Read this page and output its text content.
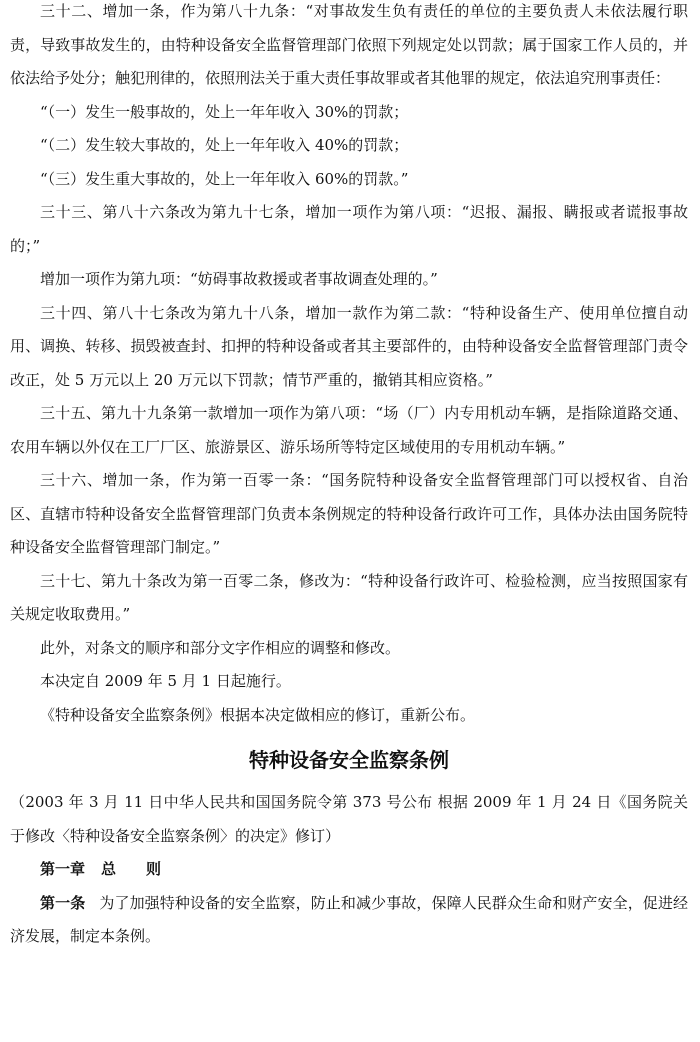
三十二、增加一条，作为第八十九条：“对事故发生负有责任的单位的主要负责人未依法履行职责，导致事故发生的，由特种设备安全监督管理部门依照下列规定处以罚款；属于国家工作人员的，并依法给予处分；触犯刑律的，依照刑法关于重大责任事故罪或者其他罪的规定，依法追究刑事责任：

“（一）发生一般事故的，处上一年年收入 30%的罚款；

“（二）发生较大事故的，处上一年年收入 40%的罚款；

“（三）发生重大事故的，处上一年年收入 60%的罚款。”

三十三、第八十六条改为第九十七条，增加一项作为第八项：“迟报、漏报、瞒报或者谎报事故的；”

增加一项作为第九项：“妨碍事故救援或者事故调查处理的。”

三十四、第八十七条改为第九十八条，增加一款作为第二款：“特种设备生产、使用单位擅自动用、调换、转移、损毁被查封、扣押的特种设备或者其主要部件的，由特种设备安全监督管理部门责令改正，处 5 万元以上 20 万元以下罚款；情节严重的，撤销其相应资格。”

三十五、第九十九条第一款增加一项作为第八项：“场（厂）内专用机动车辆，是指除道路交通、农用车辆以外仅在工厂厂区、旅游景区、游乐场所等特定区域使用的专用机动车辆。”

三十六、增加一条，作为第一百零一条：“国务院特种设备安全监督管理部门可以授权省、自治区、直辖市特种设备安全监督管理部门负责本条例规定的特种设备行政许可工作，具体办法由国务院特种设备安全监督管理部门制定。”

三十七、第九十条改为第一百零二条，修改为：“特种设备行政许可、检验检测，应当按照国家有关规定收取费用。”

此外，对条文的顺序和部分文字作相应的调整和修改。

本决定自 2009 年 5 月 1 日起施行。

《特种设备安全监察条例》根据本决定做相应的修订，重新公布。

特种设备安全监察条例

（2003 年 3 月 11 日中华人民共和国国务院令第 373 号公布 根据 2009 年 1 月 24 日《国务院关于修改〈特种设备安全监察条例〉的决定》修订）

第一章 总 则

第一条 为了加强特种设备的安全监察，防止和减少事故，保障人民群众生命和财产安全，促进经济发展，制定本条例。
